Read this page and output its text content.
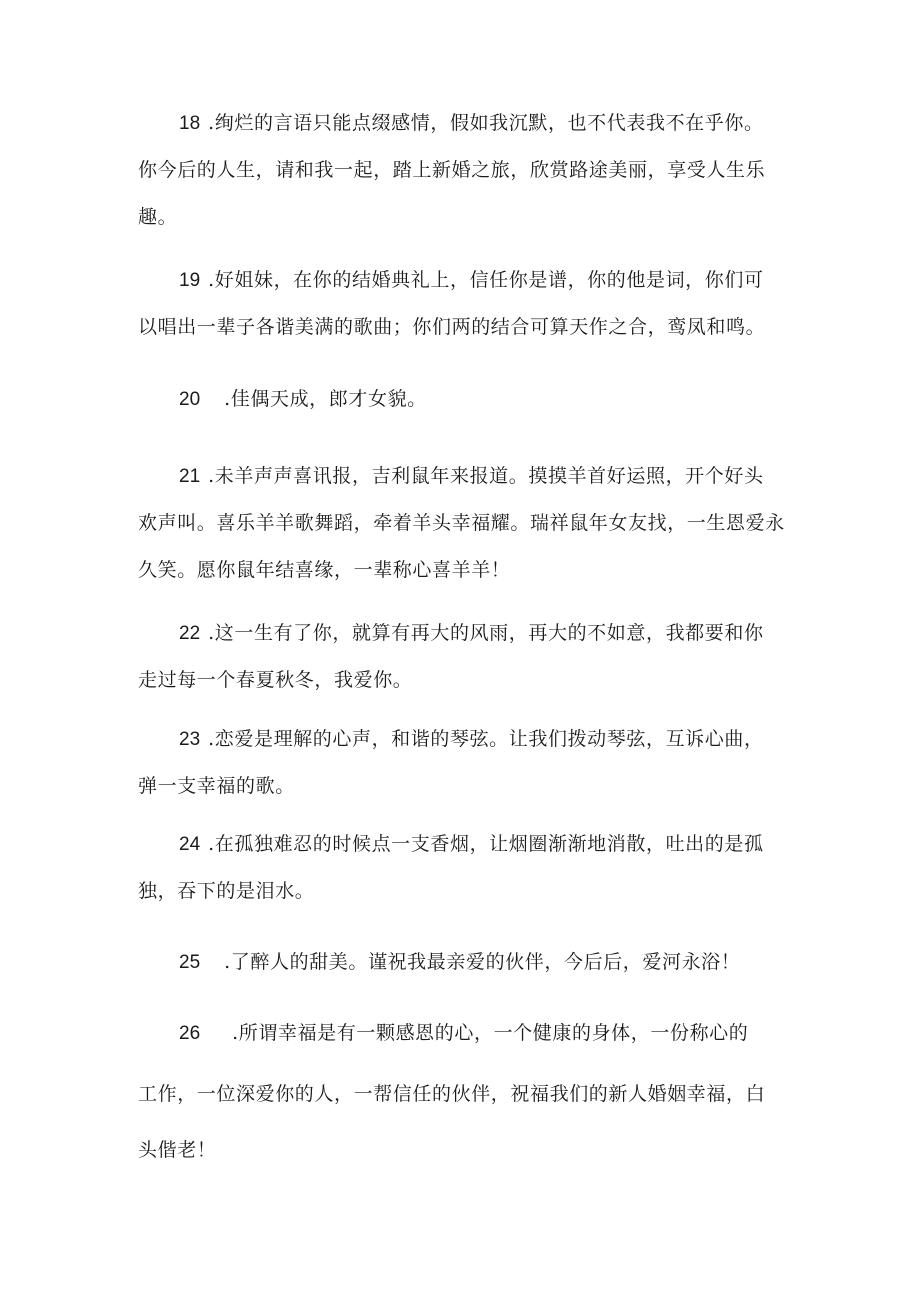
18 .绚烂的言语只能点缀感情，假如我沉默，也不代表我不在乎你。
你今后的人生，请和我一起，踏上新婚之旅，欣赏路途美丽，享受人生乐
趣。
19 .好姐妹，在你的结婚典礼上，信任你是谱，你的他是词，你们可
以唱出一辈子各谐美满的歌曲；你们两的结合可算天作之合，鸾凤和鸣。
20 .佳偶天成，郎才女貌。
21 .未羊声声喜讯报，吉利鼠年来报道。摸摸羊首好运照，开个好头
欢声叫。喜乐羊羊歌舞蹈，牵着羊头幸福耀。瑞祥鼠年女友找，一生恩爱永
久笑。愿你鼠年结喜缘，一辈称心喜羊羊！
22 .这一生有了你，就算有再大的风雨，再大的不如意，我都要和你
走过每一个春夏秋冬，我爱你。
23 .恋爱是理解的心声，和谐的琴弦。让我们拨动琴弦，互诉心曲，
弹一支幸福的歌。
24 .在孤独难忍的时候点一支香烟，让烟圈渐渐地消散，吐出的是孤
独，吞下的是泪水。
25 .了醉人的甜美。谨祝我最亲爱的伙伴，今后后，爱河永浴！
26 .所谓幸福是有一颗感恩的心，一个健康的身体，一份称心的
工作，一位深爱你的人，一帮信任的伙伴，祝福我们的新人婚姻幸福，白
头偕老！
